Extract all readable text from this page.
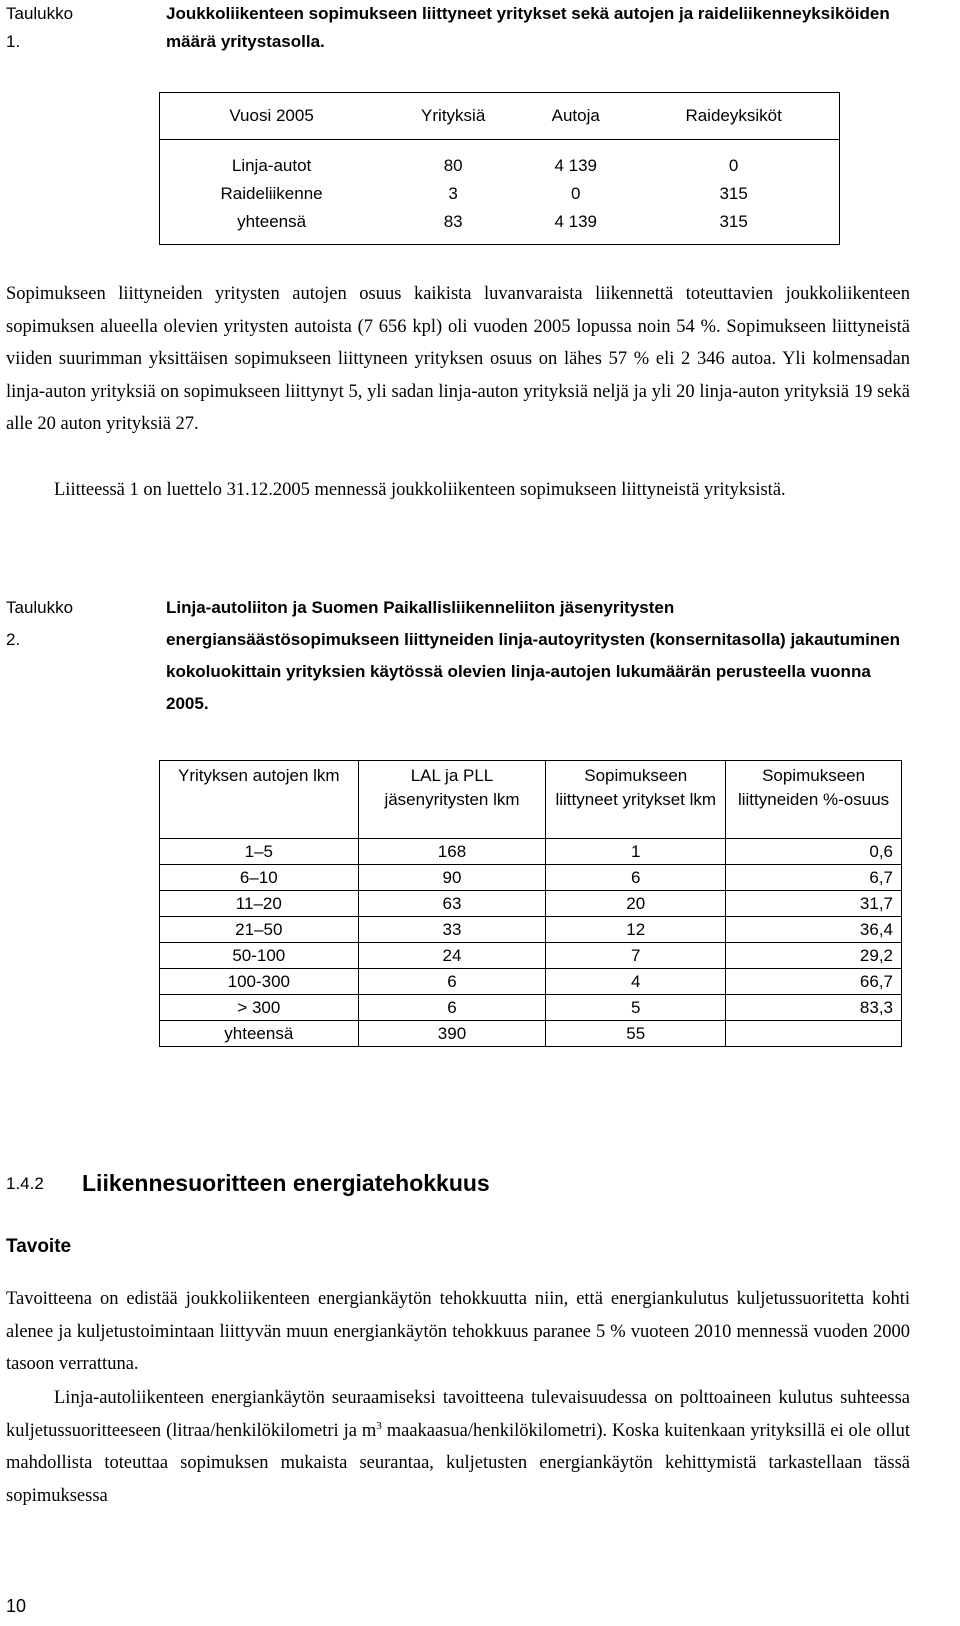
Taulukko 1.
Joukkoliikenteen sopimukseen liittyneet yritykset sekä autojen ja raideliikenneyksiköiden määrä yritystasolla.
Vuosi 2005	Yrityksiä	Autoja	Raideyksiköt
Linja-autot	80	4 139	0
Raideliikenne	3	0	315
yhteensä	83	4 139	315

Sopimukseen liittyneiden yritysten autojen osuus kaikista luvanvaraista liikennettä toteuttavien joukkoliikenteen sopimuksen alueella olevien yritysten autoista (7 656 kpl) oli vuoden 2005 lopussa noin 54 %. Sopimukseen liittyneistä viiden suurimman yksittäisen sopimukseen liittyneen yrityksen osuus on lähes 57 % eli 2 346 autoa. Yli kolmensadan linja-auton yrityksiä on sopimukseen liittynyt 5, yli sadan linja-auton yrityksiä neljä ja yli 20 linja-auton yrityksiä 19 sekä alle 20 auton yrityksiä 27.

Liitteessä 1 on luettelo 31.12.2005 mennessä joukkoliikenteen sopimukseen liittyneistä yrityksistä.

Taulukko 2.
Linja-autoliiton ja Suomen Paikallisliikenneliiton jäsenyritysten energiansäästösopimukseen liittyneiden linja-autoyritysten (konsernitasolla) jakautuminen kokoluokittain yrityksien käytössä olevien linja-autojen lukumäärän perusteella vuonna 2005.
Yrityksen autojen lkm	LAL ja PLL jäsenyritysten lkm	Sopimukseen liittyneet yritykset lkm	Sopimukseen liittyneiden %-osuus
1–5	168	1	0,6
6–10	90	6	6,7
11–20	63	20	31,7
21–50	33	12	36,4
50-100	24	7	29,2
100-300	6	4	66,7
> 300	6	5	83,3
yhteensä	390	55	
1.4.2 Liikennesuoritteen energiatehokkuus
Tavoite

Tavoitteena on edistää joukkoliikenteen energiankäytön tehokkuutta niin, että energiankulutus kuljetussuoritetta kohti alenee ja kuljetustoimintaan liittyvän muun energiankäytön tehokkuus paranee 5 % vuoteen 2010 mennessä vuoden 2000 tasoon verrattuna.

Linja-autoliikenteen energiankäytön seuraamiseksi tavoitteena tulevaisuudessa on polttoaineen kulutus suhteessa kuljetussuoritteeseen (litraa/henkilökilometri ja $m^3$ maakaasua/henkilökilometri). Koska kuitenkaan yrityksillä ei ole ollut mahdollista toteuttaa sopimuksen mukaista seurantaa, kuljetusten energiankäytön kehittymistä tarkastellaan tässä sopimuksessa

10
